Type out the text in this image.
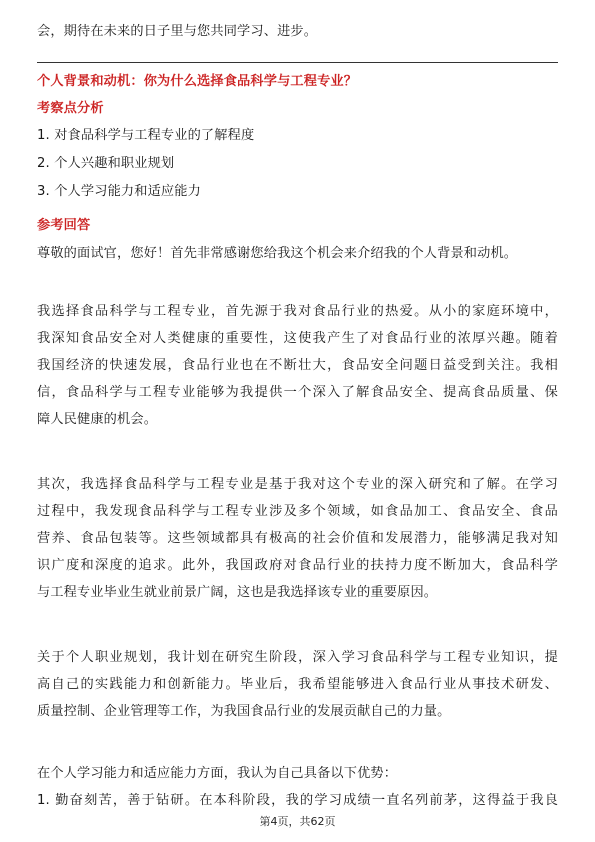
会，期待在未来的日子里与您共同学习、进步。
个人背景和动机：你为什么选择食品科学与工程专业？
考察点分析
1. 对食品科学与工程专业的了解程度
2. 个人兴趣和职业规划
3. 个人学习能力和适应能力
参考回答
尊敬的面试官，您好！首先非常感谢您给我这个机会来介绍我的个人背景和动机。
我选择食品科学与工程专业，首先源于我对食品行业的热爱。从小的家庭环境中，
我深知食品安全对人类健康的重要性，这使我产生了对食品行业的浓厚兴趣。随着
我国经济的快速发展，食品行业也在不断壮大，食品安全问题日益受到关注。我相
信，食品科学与工程专业能够为我提供一个深入了解食品安全、提高食品质量、保
障人民健康的机会。
其次，我选择食品科学与工程专业是基于我对这个专业的深入研究和了解。在学习
过程中，我发现食品科学与工程专业涉及多个领域，如食品加工、食品安全、食品
营养、食品包装等。这些领域都具有极高的社会价值和发展潜力，能够满足我对知
识广度和深度的追求。此外，我国政府对食品行业的扶持力度不断加大，食品科学
与工程专业毕业生就业前景广阔，这也是我选择该专业的重要原因。
关于个人职业规划，我计划在研究生阶段，深入学习食品科学与工程专业知识，提
高自己的实践能力和创新能力。毕业后，我希望能够进入食品行业从事技术研发、
质量控制、企业管理等工作，为我国食品行业的发展贡献自己的力量。
在个人学习能力和适应能力方面，我认为自己具备以下优势：
1. 勤奋刻苦，善于钻研。在本科阶段，我的学习成绩一直名列前茅，这得益于我良
第4页，共62页
